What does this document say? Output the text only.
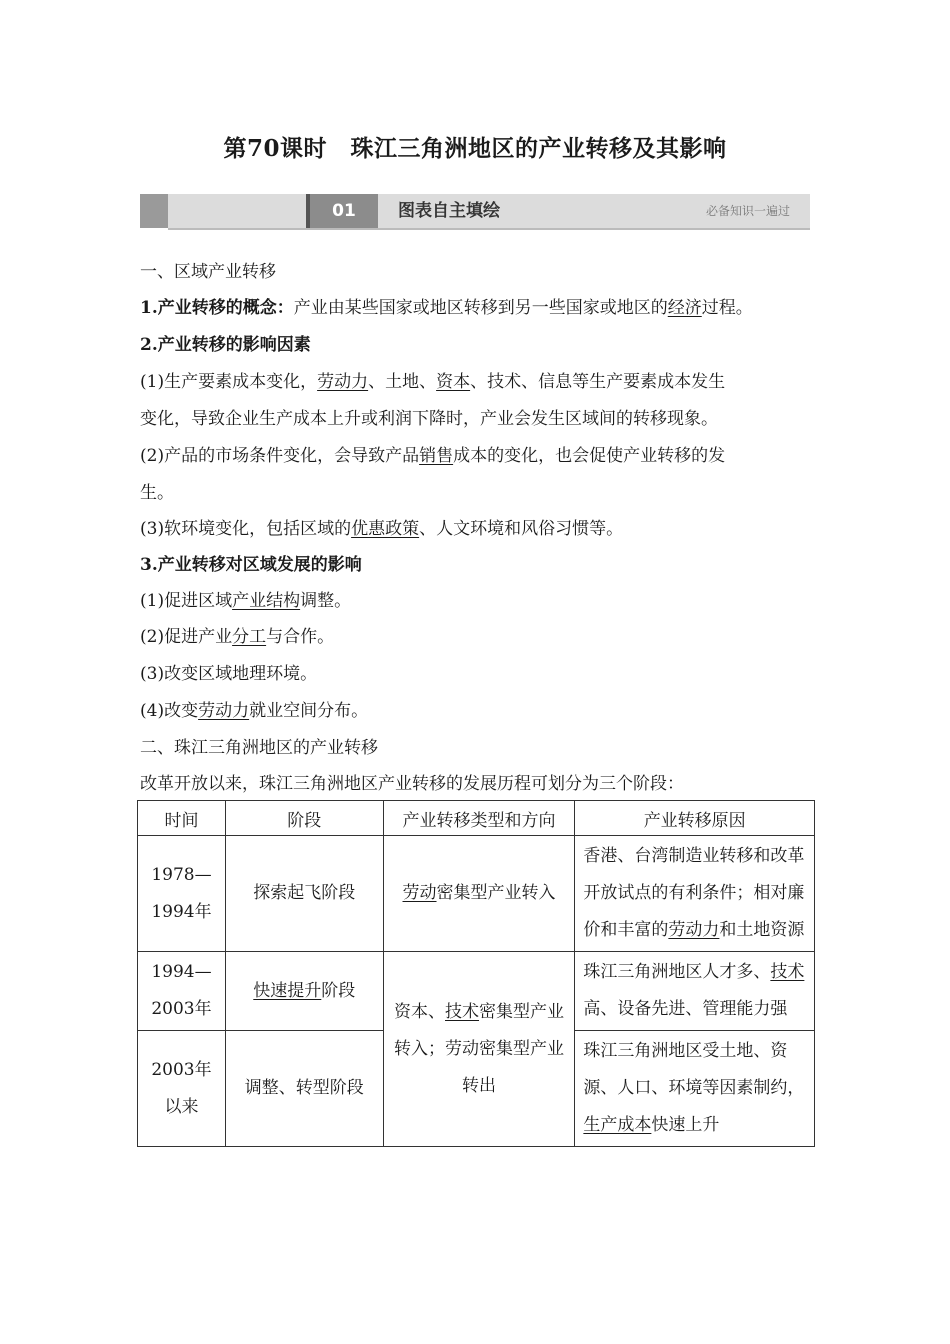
第70课时　珠江三角洲地区的产业转移及其影响
01	图表自主填绘	必备知识一遍过
一、区域产业转移
1.产业转移的概念：产业由某些国家或地区转移到另一些国家或地区的经济过程。
2.产业转移的影响因素
(1)生产要素成本变化，劳动力、土地、资本、技术、信息等生产要素成本发生
变化，导致企业生产成本上升或利润下降时，产业会发生区域间的转移现象。
(2)产品的市场条件变化，会导致产品销售成本的变化，也会促使产业转移的发
生。
(3)软环境变化，包括区域的优惠政策、人文环境和风俗习惯等。
3.产业转移对区域发展的影响
(1)促进区域产业结构调整。
(2)促进产业分工与合作。
(3)改变区域地理环境。
(4)改变劳动力就业空间分布。
二、珠江三角洲地区的产业转移
改革开放以来，珠江三角洲地区产业转移的发展历程可划分为三个阶段：
时间	阶段	产业转移类型和方向	产业转移原因
1978—1994年	探索起飞阶段	劳动密集型产业转入	香港、台湾制造业转移和改革开放试点的有利条件；相对廉价和丰富的劳动力和土地资源
1994—2003年	快速提升阶段	资本、技术密集型产业转入；劳动密集型产业转出	珠江三角洲地区人才多、技术高、设备先进、管理能力强
2003年以来	调整、转型阶段		珠江三角洲地区受土地、资源、人口、环境等因素制约，生产成本快速上升
